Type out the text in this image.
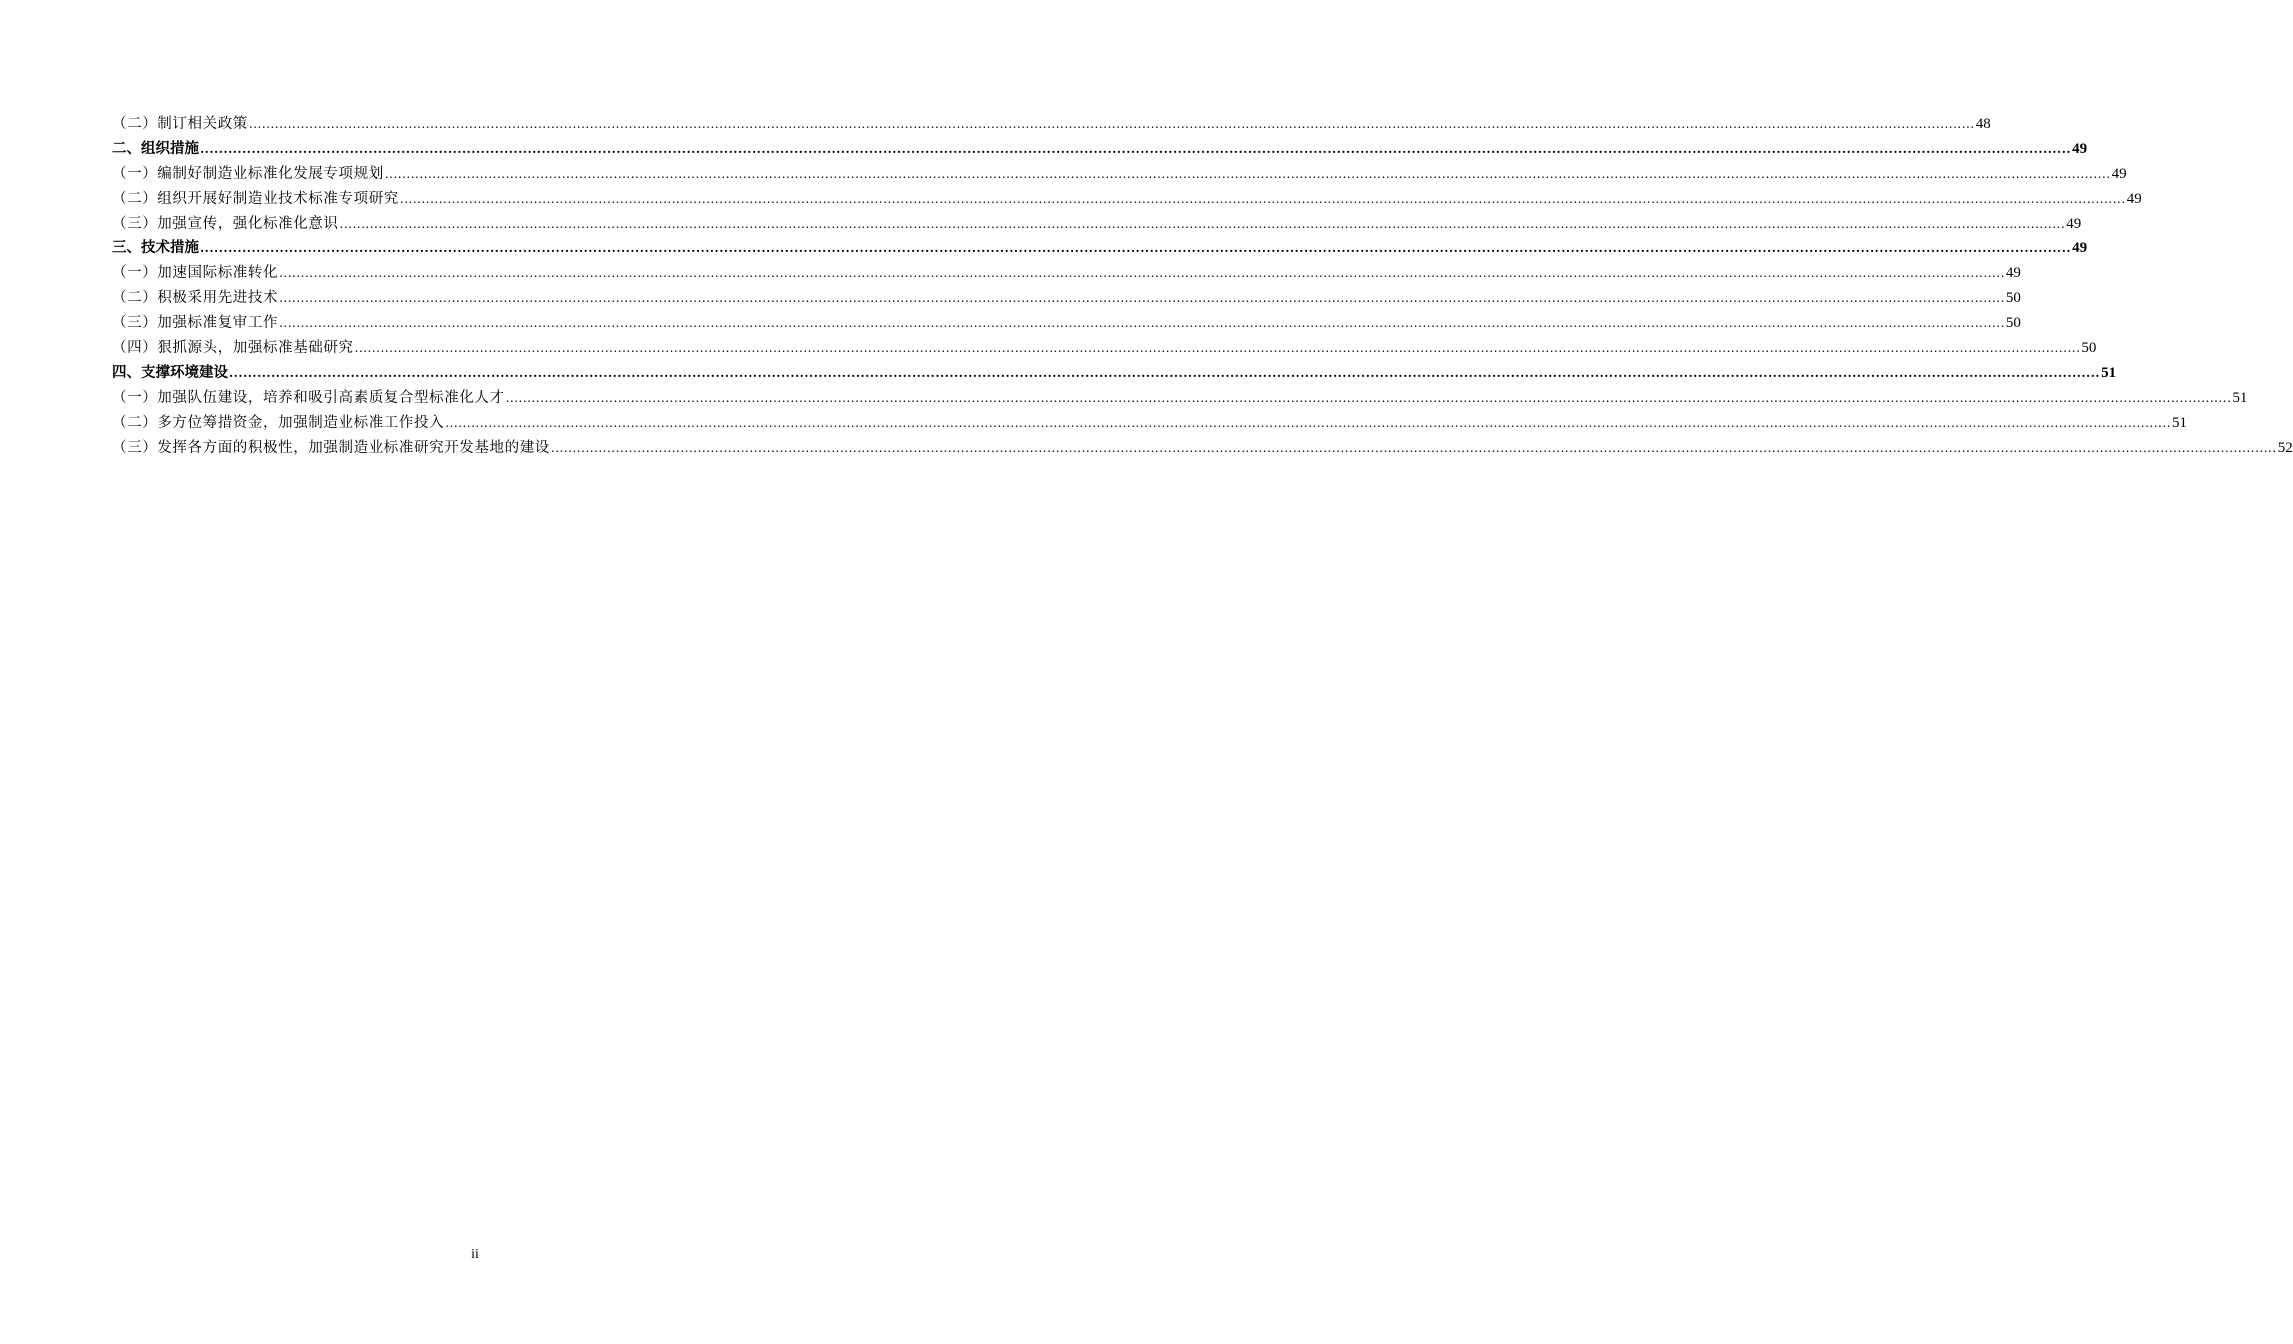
（二）制订相关政策 ................................................................................................................................................................................................................................................................................................................................................................................................................ 48
二、组织措施 ................................................................................................................................................................................................................................................................................................................................................................................................................ 49
（一）编制好制造业标准化发展专项规划 ................................................................................................................................................................................................................................................................................................................................................................................................................ 49
（二）组织开展好制造业技术标准专项研究 ................................................................................................................................................................................................................................................................................................................................................................................................................ 49
（三）加强宣传，强化标准化意识 ................................................................................................................................................................................................................................................................................................................................................................................................................ 49
三、技术措施 ................................................................................................................................................................................................................................................................................................................................................................................................................ 49
（一）加速国际标准转化 ................................................................................................................................................................................................................................................................................................................................................................................................................ 49
（二）积极采用先进技术 ................................................................................................................................................................................................................................................................................................................................................................................................................ 50
（三）加强标准复审工作 ................................................................................................................................................................................................................................................................................................................................................................................................................ 50
（四）狠抓源头，加强标准基础研究 ................................................................................................................................................................................................................................................................................................................................................................................................................ 50
四、支撑环境建设 ................................................................................................................................................................................................................................................................................................................................................................................................................ 51
（一）加强队伍建设，培养和吸引高素质复合型标准化人才 ................................................................................................................................................................................................................................................................................................................................................................................................................ 51
（二）多方位筹措资金，加强制造业标准工作投入 ................................................................................................................................................................................................................................................................................................................................................................................................................ 51
（三）发挥各方面的积极性，加强制造业标准研究开发基地的建设 ................................................................................................................................................................................................................................................................................................................................................................................................................ 52
ii
